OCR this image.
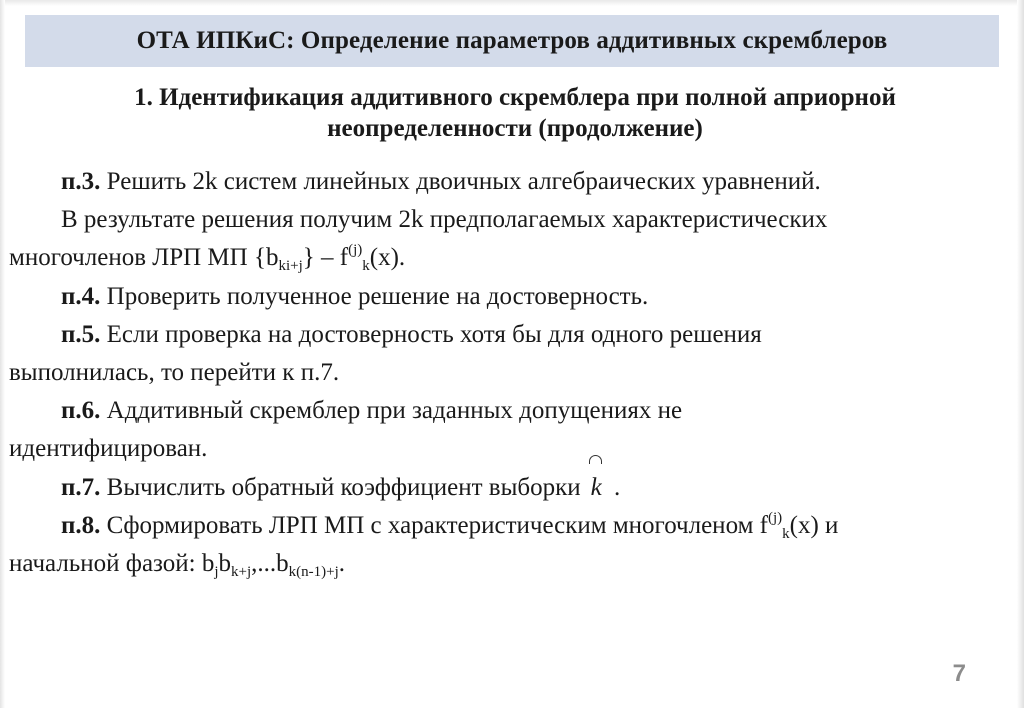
ОТА ИПКиС: Определение параметров аддитивных скремблеров
1. Идентификация аддитивного скремблера при полной априорной
неопределенности (продолжение)
п.3. Решить 2k систем линейных двоичных алгебраических уравнений.
В результате решения получим 2k предполагаемых характеристических
многочленов ЛРП МП $\{b_{ki+j}\} - f^{(j)}_k(x)$.
п.4. Проверить полученное решение на достоверность.
п.5. Если проверка на достоверность хотя бы для одного решения
выполнилась, то перейти к п.7.
п.6. Аддитивный скремблер при заданных допущениях не
идентифицирован.
п.7. Вычислить обратный коэффициент выборки k .
п.8. Сформировать ЛРП МП с характеристическим многочленом $f^{(j)}_k(x)$ и
начальной фазой: $b_jb_{k+j},...b_{k(n-1)+j}$.
7
